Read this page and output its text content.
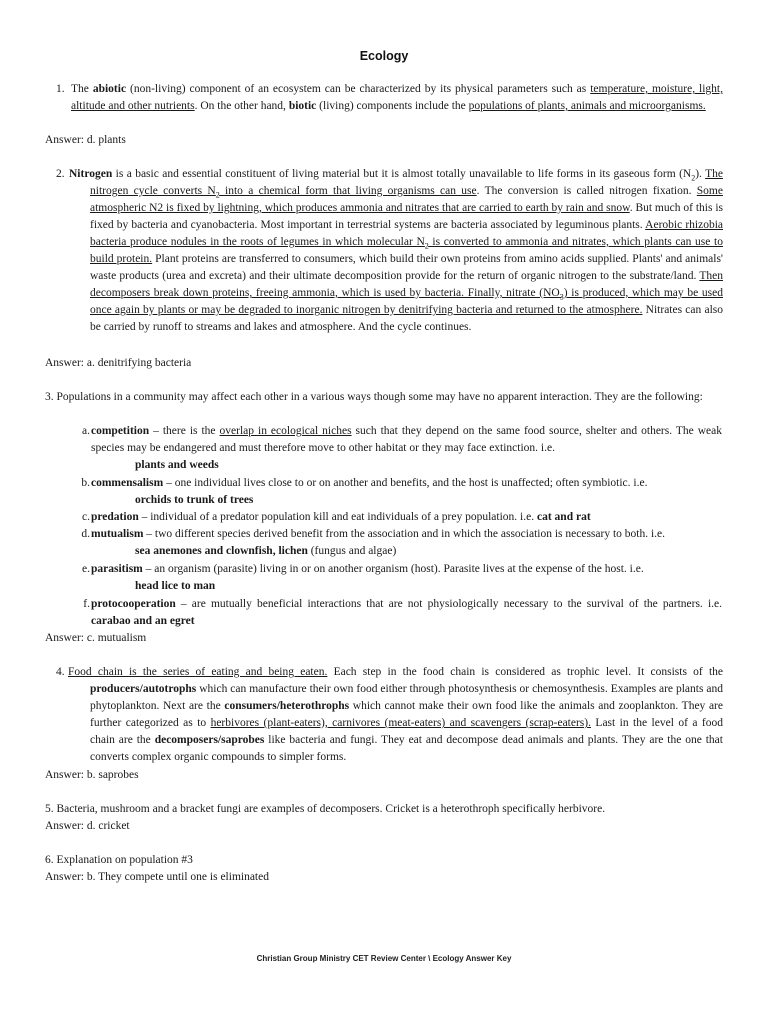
Ecology
1. The abiotic (non-living) component of an ecosystem can be characterized by its physical parameters such as temperature, moisture, light, altitude and other nutrients. On the other hand, biotic (living) components include the populations of plants, animals and microorganisms.

Answer: d. plants
2. Nitrogen is a basic and essential constituent of living material but it is almost totally unavailable to life forms in its gaseous form $(N_2)$. The nitrogen cycle converts $N_2$ into a chemical form that living organisms can use. The conversion is called nitrogen fixation. Some atmospheric N2 is fixed by lightning, which produces ammonia and nitrates that are carried to earth by rain and snow. But much of this is fixed by bacteria and cyanobacteria. Most important in terrestrial systems are bacteria associated by leguminous plants. Aerobic rhizobia bacteria produce nodules in the roots of legumes in which molecular $N_2$ is converted to ammonia and nitrates, which plants can use to build protein. Plant proteins are transferred to consumers, which build their own proteins from amino acids supplied. Plants' and animals' waste products (urea and excreta) and their ultimate decomposition provide for the return of organic nitrogen to the substrate/land. Then decomposers break down proteins, freeing ammonia, which is used by bacteria. Finally, nitrate $(NO_3)$ is produced, which may be used once again by plants or may be degraded to inorganic nitrogen by denitrifying bacteria and returned to the atmosphere. Nitrates can also be carried by runoff to streams and lakes and atmosphere. And the cycle continues.

Answer: a. denitrifying bacteria

3. Populations in a community may affect each other in a various ways though some may have no apparent interaction. They are the following:

a. competition – there is the overlap in ecological niches such that they depend on the same food source, shelter and others. The weak species may be endangered and must therefore move to other habitat or they may face extinction. i.e.
plants and weeds
b. commensalism – one individual lives close to or on another and benefits, and the host is unaffected; often symbiotic. i.e.
orchids to trunk of trees
c. predation – individual of a predator population kill and eat individuals of a prey population. i.e. cat and rat
d. mutualism – two different species derived benefit from the association and in which the association is necessary to both. i.e.
sea anemones and clownfish, lichen (fungus and algae)
e. parasitism – an organism (parasite) living in or on another organism (host). Parasite lives at the expense of the host. i.e.
head lice to man
f. protocooperation – are mutually beneficial interactions that are not physiologically necessary to the survival of the partners. i.e. carabao and an egret
Answer: c. mutualism
4. Food chain is the series of eating and being eaten. Each step in the food chain is considered as trophic level. It consists of the producers/autotrophs which can manufacture their own food either through photosynthesis or chemosynthesis. Examples are plants and phytoplankton. Next are the consumers/heterothrophs which cannot make their own food like the animals and zooplankton. They are further categorized as to herbivores (plant-eaters), carnivores (meat-eaters) and scavengers (scrap-eaters). Last in the level of a food chain are the decomposers/saprobes like bacteria and fungi. They eat and decompose dead animals and plants. They are the one that converts complex organic compounds to simpler forms.

Answer: b. saprobes
5. Bacteria, mushroom and a bracket fungi are examples of decomposers. Cricket is a heterothroph specifically herbivore.
Answer: d. cricket
6. Explanation on population #3
Answer: b. They compete until one is eliminated
Christian Group Ministry CET Review Center \ Ecology Answer Key
